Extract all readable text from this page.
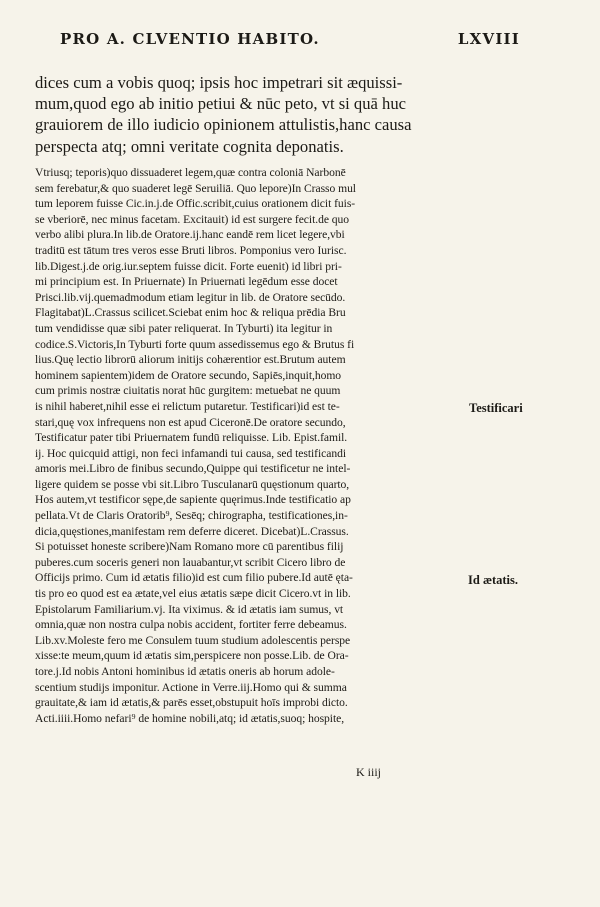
PRO A. CLVENTIO HABITO.	LXVIII
dices cum a vobis quoq; ipsis hoc impetrari sit æquissi-
mum,quod ego ab initio petiui & nūc peto, vt si quā huc
grauiorem de illo iudicio opinionem attulistis,hanc causa
perspecta atq; omni veritate cognita deponatis.
Vtriusq; teporis)quo dissuaderet legem,quæ contra coloniā Narbonē
sem ferebatur,& quo suaderet legē Seruiliā. Quo lepore)In Crasso mul
tum leporem fuisse Cic.in.j.de Offic.scribit,cuius orationem dicit fuis-
se vberiorē, nec minus facetam. Excitauit) id est surgere fecit.de quo
verbo alibi plura.In lib.de Oratore.ij.hanc eandē rem licet legere,vbi
traditū est tātum tres veros esse Bruti libros. Pomponius vero Iurisc.
lib.Digest.j.de orig.iur.septem fuisse dicit. Forte euenit) id libri pri-
mi principium est. In Priuernate) In Priuernati legēdum esse docet
Prisci.lib.vij.quemadmodum etiam legitur in lib. de Oratore secūdo.
Flagitabat)L.Crassus scilicet.Sciebat enim hoc & reliqua prēdia Bru
tum vendidisse quæ sibi pater reliquerat. In Tyburti) ita legitur in
codice.S.Victoris,In Tyburti forte quum assedissemus ego & Brutus fi
lius.Quę lectio librorū aliorum initijs cohærentior est.Brutum autem
hominem sapientem)idem de Oratore secundo, Sapiēs,inquit,homo
cum primis nostræ ciuitatis norat hūc gurgitem: metuebat ne quum
is nihil haberet,nihil esse ei relictum putaretur. Testificari)id est te-
stari,quę vox infrequens non est apud Ciceronē.De oratore secundo,
Testificatur pater tibi Priuernatem fundū reliquisse. Lib. Epist.famil.
ij. Hoc quicquid attigi, non feci infamandi tui causa, sed testificandi
amoris mei.Libro de finibus secundo,Quippe qui testificetur ne intel-
ligere quidem se posse vbi sit.Libro Tusculanarū quęstionum quarto,
Hos autem,vt testificor sępe,de sapiente quęrimus.Inde testificatio ap
pellata.Vt de Claris Oratorib⁹, Sesēq; chirographa, testificationes,in-
dicia,quęstiones,manifestam rem deferre diceret. Dicebat)L.Crassus.
Si potuisset honeste scribere)Nam Romano more cū parentibus filij
puberes.cum soceris generi non lauabantur,vt scribit Cicero libro de
Officijs primo. Cum id ætatis filio)id est cum filio pubere.Id autē ęta-
tis pro eo quod est ea ætate,vel eius ætatis sæpe dicit Cicero.vt in lib.
Epistolarum Familiarium.vj. Ita viximus. & id ætatis iam sumus, vt
omnia,quæ non nostra culpa nobis accident, fortiter ferre debeamus.
Lib.xv.Moleste fero me Consulem tuum studium adolescentis perspe
xisse:te meum,quum id ætatis sim,perspicere non posse.Lib. de Ora-
tore.j.Id nobis Antoni hominibus id ætatis oneris ab horum adole-
scentium studijs imponitur. Actione in Verre.iij.Homo qui & summa
grauitate,& iam id ætatis,& parēs esset,obstupuit hoīs improbi dicto.
Acti.iiii.Homo nefari⁹ de homine nobili,atq; id ætatis,suoq; hospite,
Testificari
Id ætatis.
K iiij
